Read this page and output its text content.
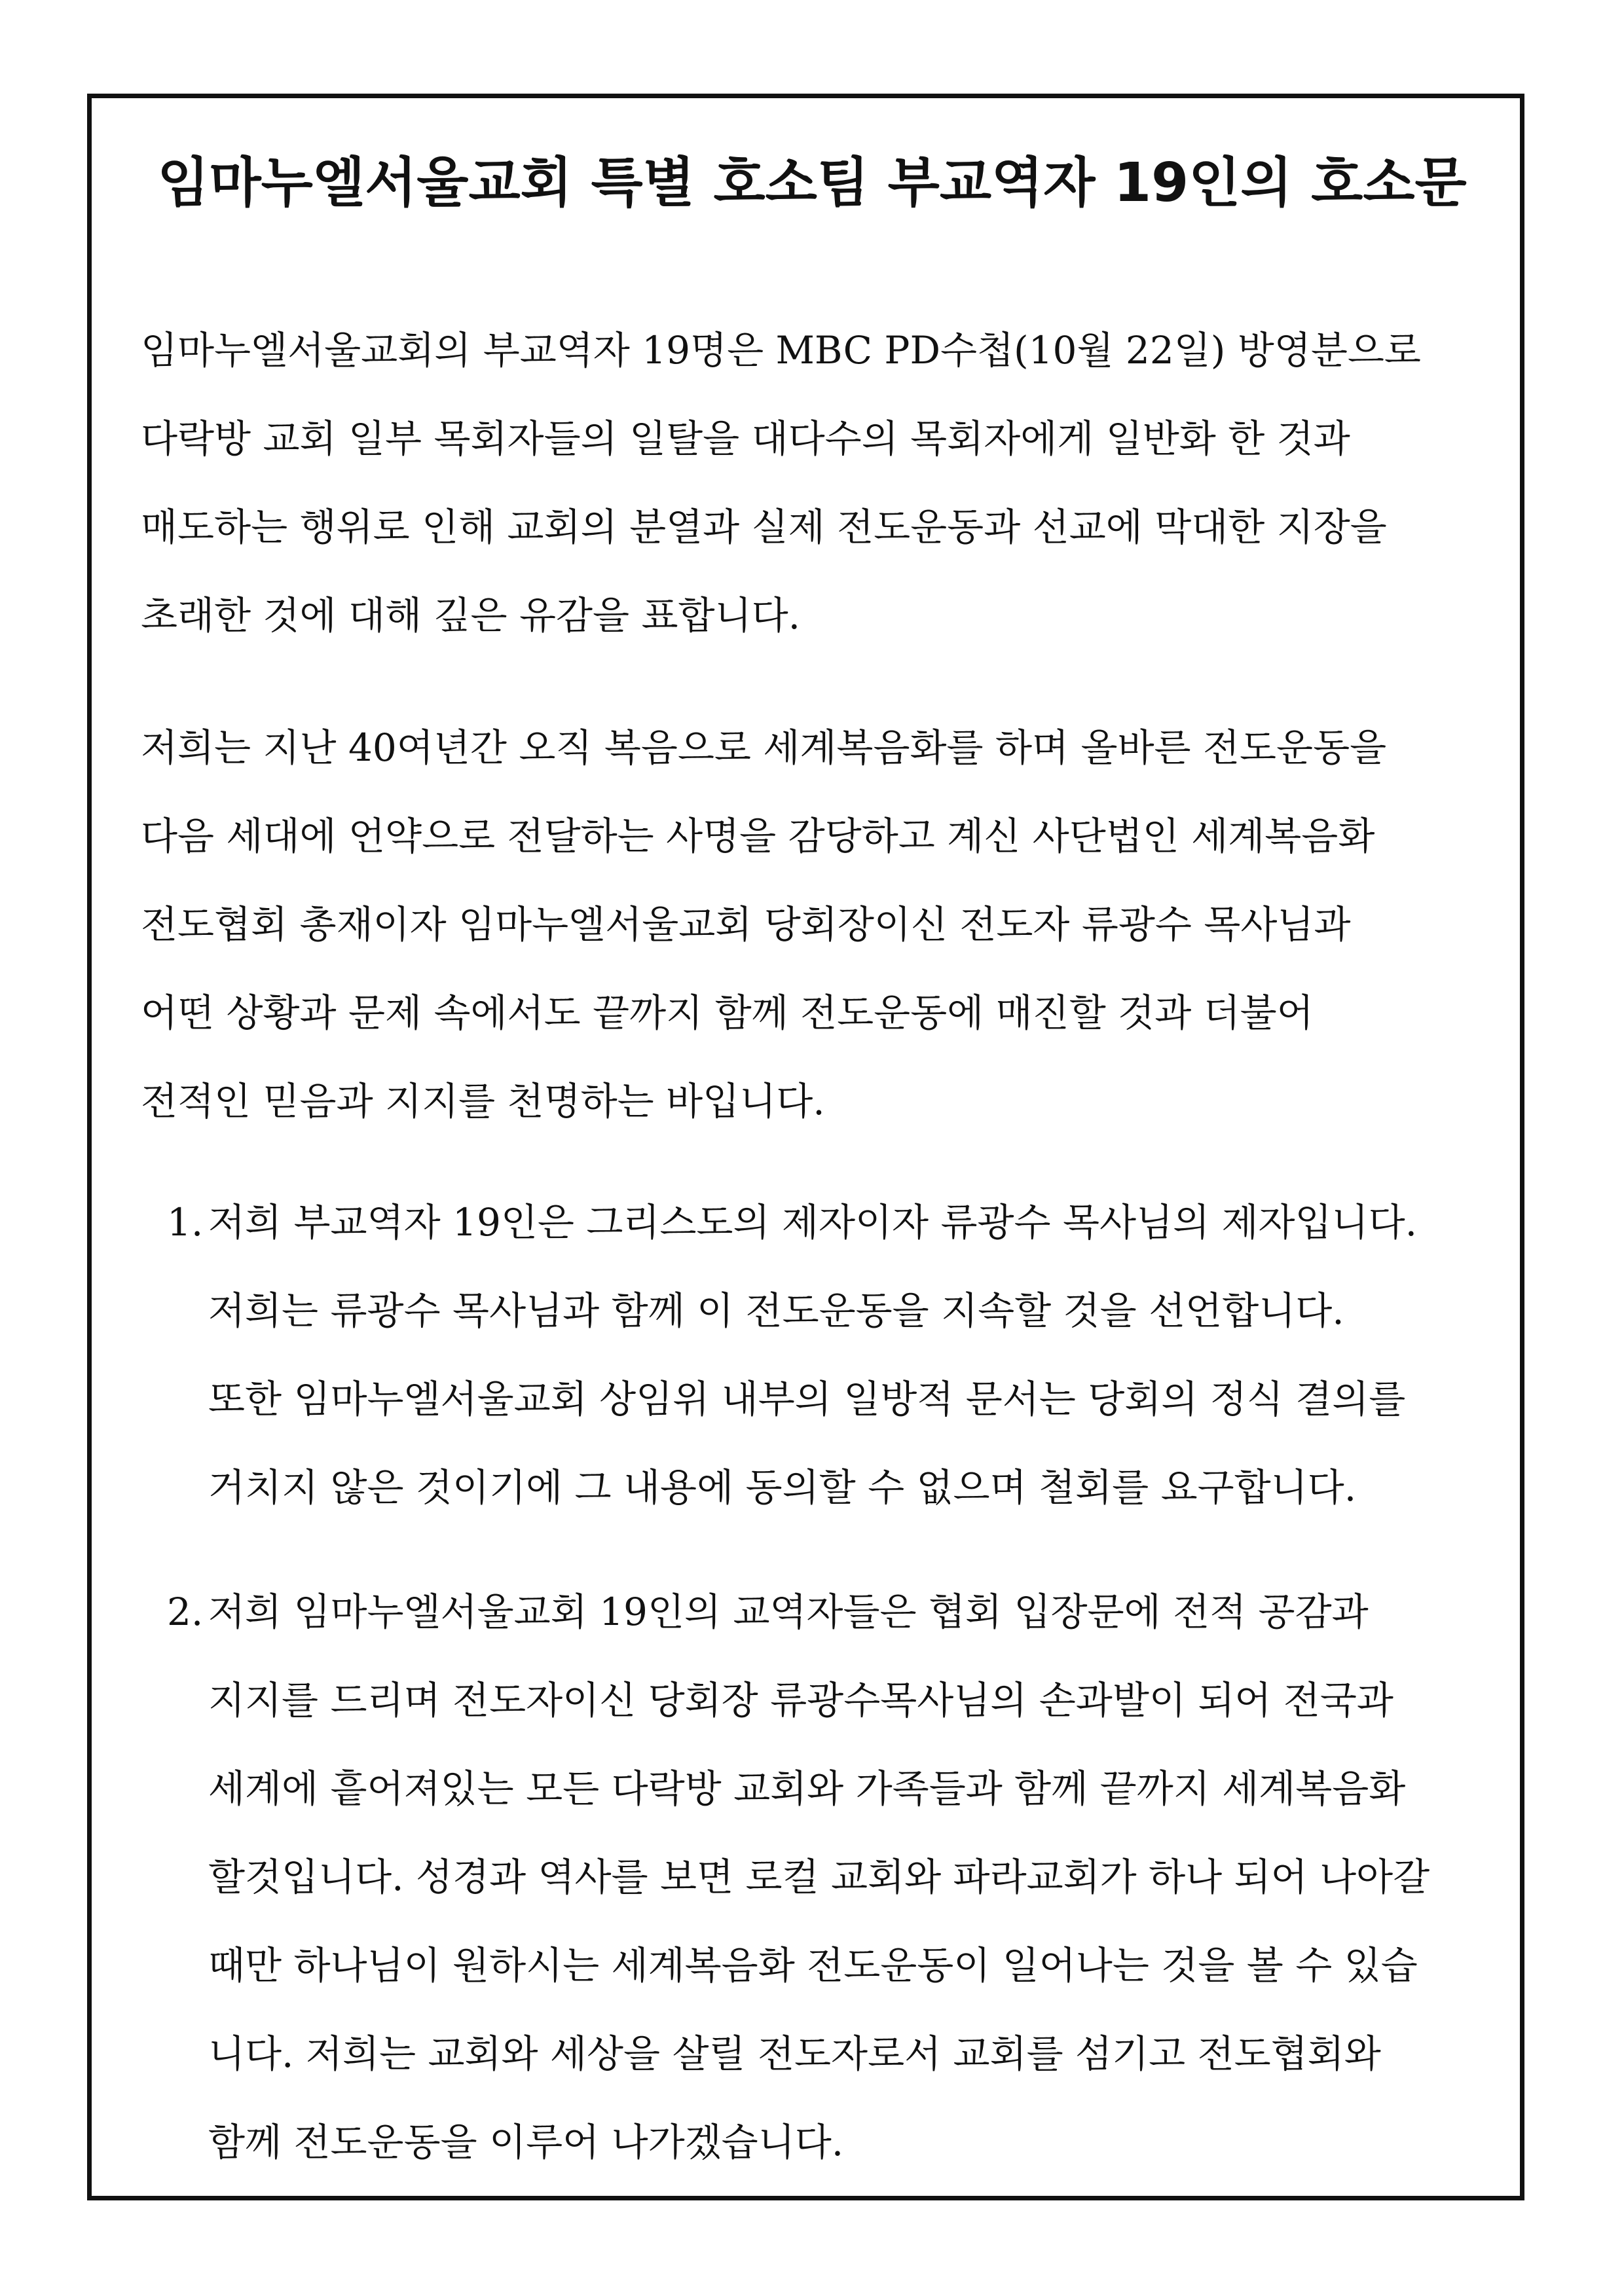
임마누엘서울교회 특별 호소팀 부교역자 19인의 호소문
임마누엘서울교회의 부교역자 19명은 MBC PD수첩(10월 22일) 방영분으로
다락방 교회 일부 목회자들의 일탈을 대다수의 목회자에게 일반화 한 것과
매도하는 행위로 인해 교회의 분열과 실제 전도운동과 선교에 막대한 지장을
초래한 것에 대해 깊은 유감을 표합니다.
저희는 지난 40여년간 오직 복음으로 세계복음화를 하며 올바른 전도운동을
다음 세대에 언약으로 전달하는 사명을 감당하고 계신 사단법인 세계복음화
전도협회 총재이자 임마누엘서울교회 당회장이신 전도자 류광수 목사님과
어떤 상황과 문제 속에서도 끝까지 함께 전도운동에 매진할 것과 더불어
전적인 믿음과 지지를 천명하는 바입니다.
1. 저희 부교역자 19인은 그리스도의 제자이자 류광수 목사님의 제자입니다.
저희는 류광수 목사님과 함께 이 전도운동을 지속할 것을 선언합니다.
또한 임마누엘서울교회 상임위 내부의 일방적 문서는 당회의 정식 결의를
거치지 않은 것이기에 그 내용에 동의할 수 없으며 철회를 요구합니다.
2. 저희 임마누엘서울교회 19인의 교역자들은 협회 입장문에 전적 공감과
지지를 드리며 전도자이신 당회장 류광수목사님의 손과발이 되어 전국과
세계에 흩어져있는 모든 다락방 교회와 가족들과 함께 끝까지 세계복음화
할것입니다. 성경과 역사를 보면 로컬 교회와 파라교회가 하나 되어 나아갈
때만 하나님이 원하시는 세계복음화 전도운동이 일어나는 것을 볼 수 있습
니다. 저희는 교회와 세상을 살릴 전도자로서 교회를 섬기고 전도협회와
함께 전도운동을 이루어 나가겠습니다.
